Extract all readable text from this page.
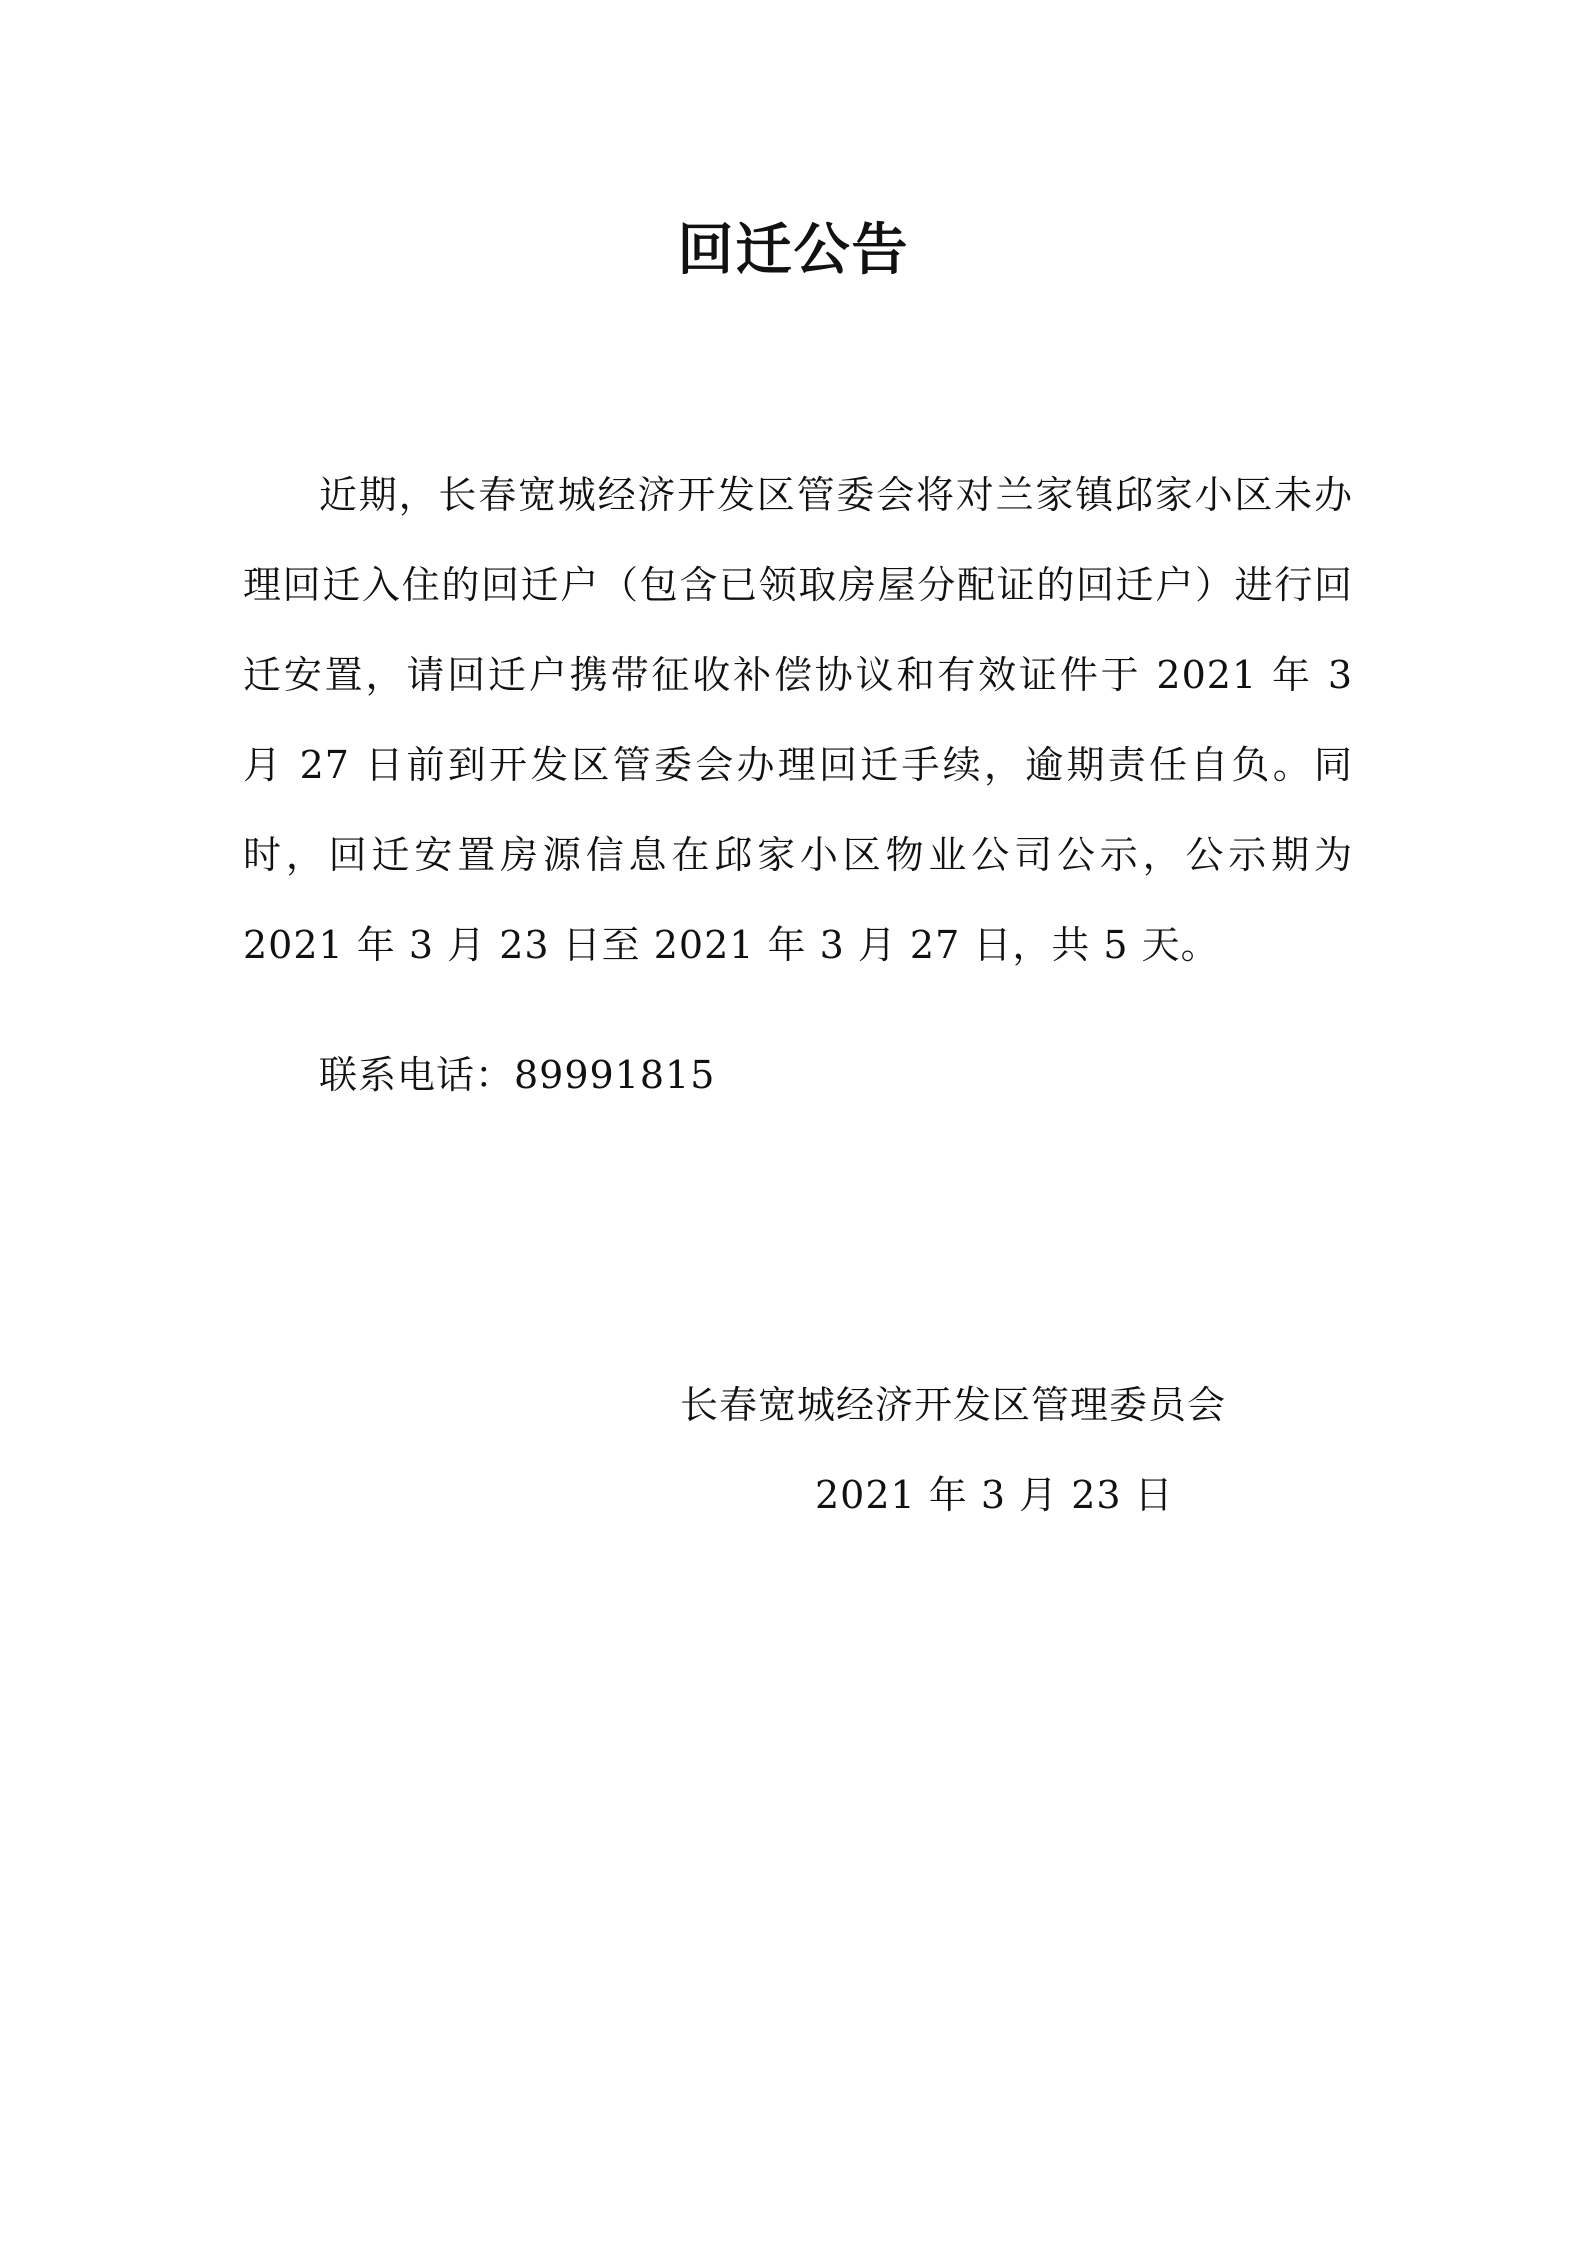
回迁公告

近期，长春宽城经济开发区管委会将对兰家镇邱家小区未办理回迁入住的回迁户（包含已领取房屋分配证的回迁户）进行回迁安置，请回迁户携带征收补偿协议和有效证件于 2021 年 3 月 27 日前到开发区管委会办理回迁手续，逾期责任自负。同时，回迁安置房源信息在邱家小区物业公司公示，公示期为 2021 年 3 月 23 日至 2021 年 3 月 27 日，共 5 天。

联系电话：89991815

长春宽城经济开发区管理委员会

2021 年 3 月 23 日
